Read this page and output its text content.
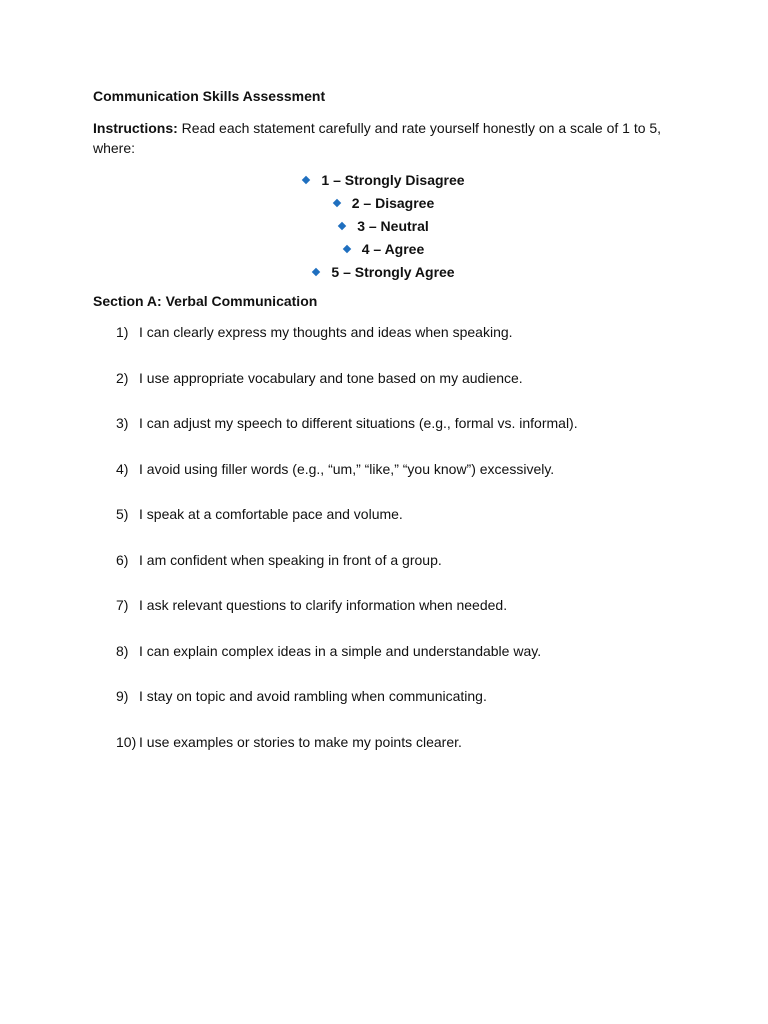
Communication Skills Assessment
Instructions: Read each statement carefully and rate yourself honestly on a scale of 1 to 5, where:
1 – Strongly Disagree
2 – Disagree
3 – Neutral
4 – Agree
5 – Strongly Agree
Section A: Verbal Communication
1) I can clearly express my thoughts and ideas when speaking.
2) I use appropriate vocabulary and tone based on my audience.
3) I can adjust my speech to different situations (e.g., formal vs. informal).
4) I avoid using filler words (e.g., “um,” “like,” “you know”) excessively.
5) I speak at a comfortable pace and volume.
6) I am confident when speaking in front of a group.
7) I ask relevant questions to clarify information when needed.
8) I can explain complex ideas in a simple and understandable way.
9) I stay on topic and avoid rambling when communicating.
10) I use examples or stories to make my points clearer.
